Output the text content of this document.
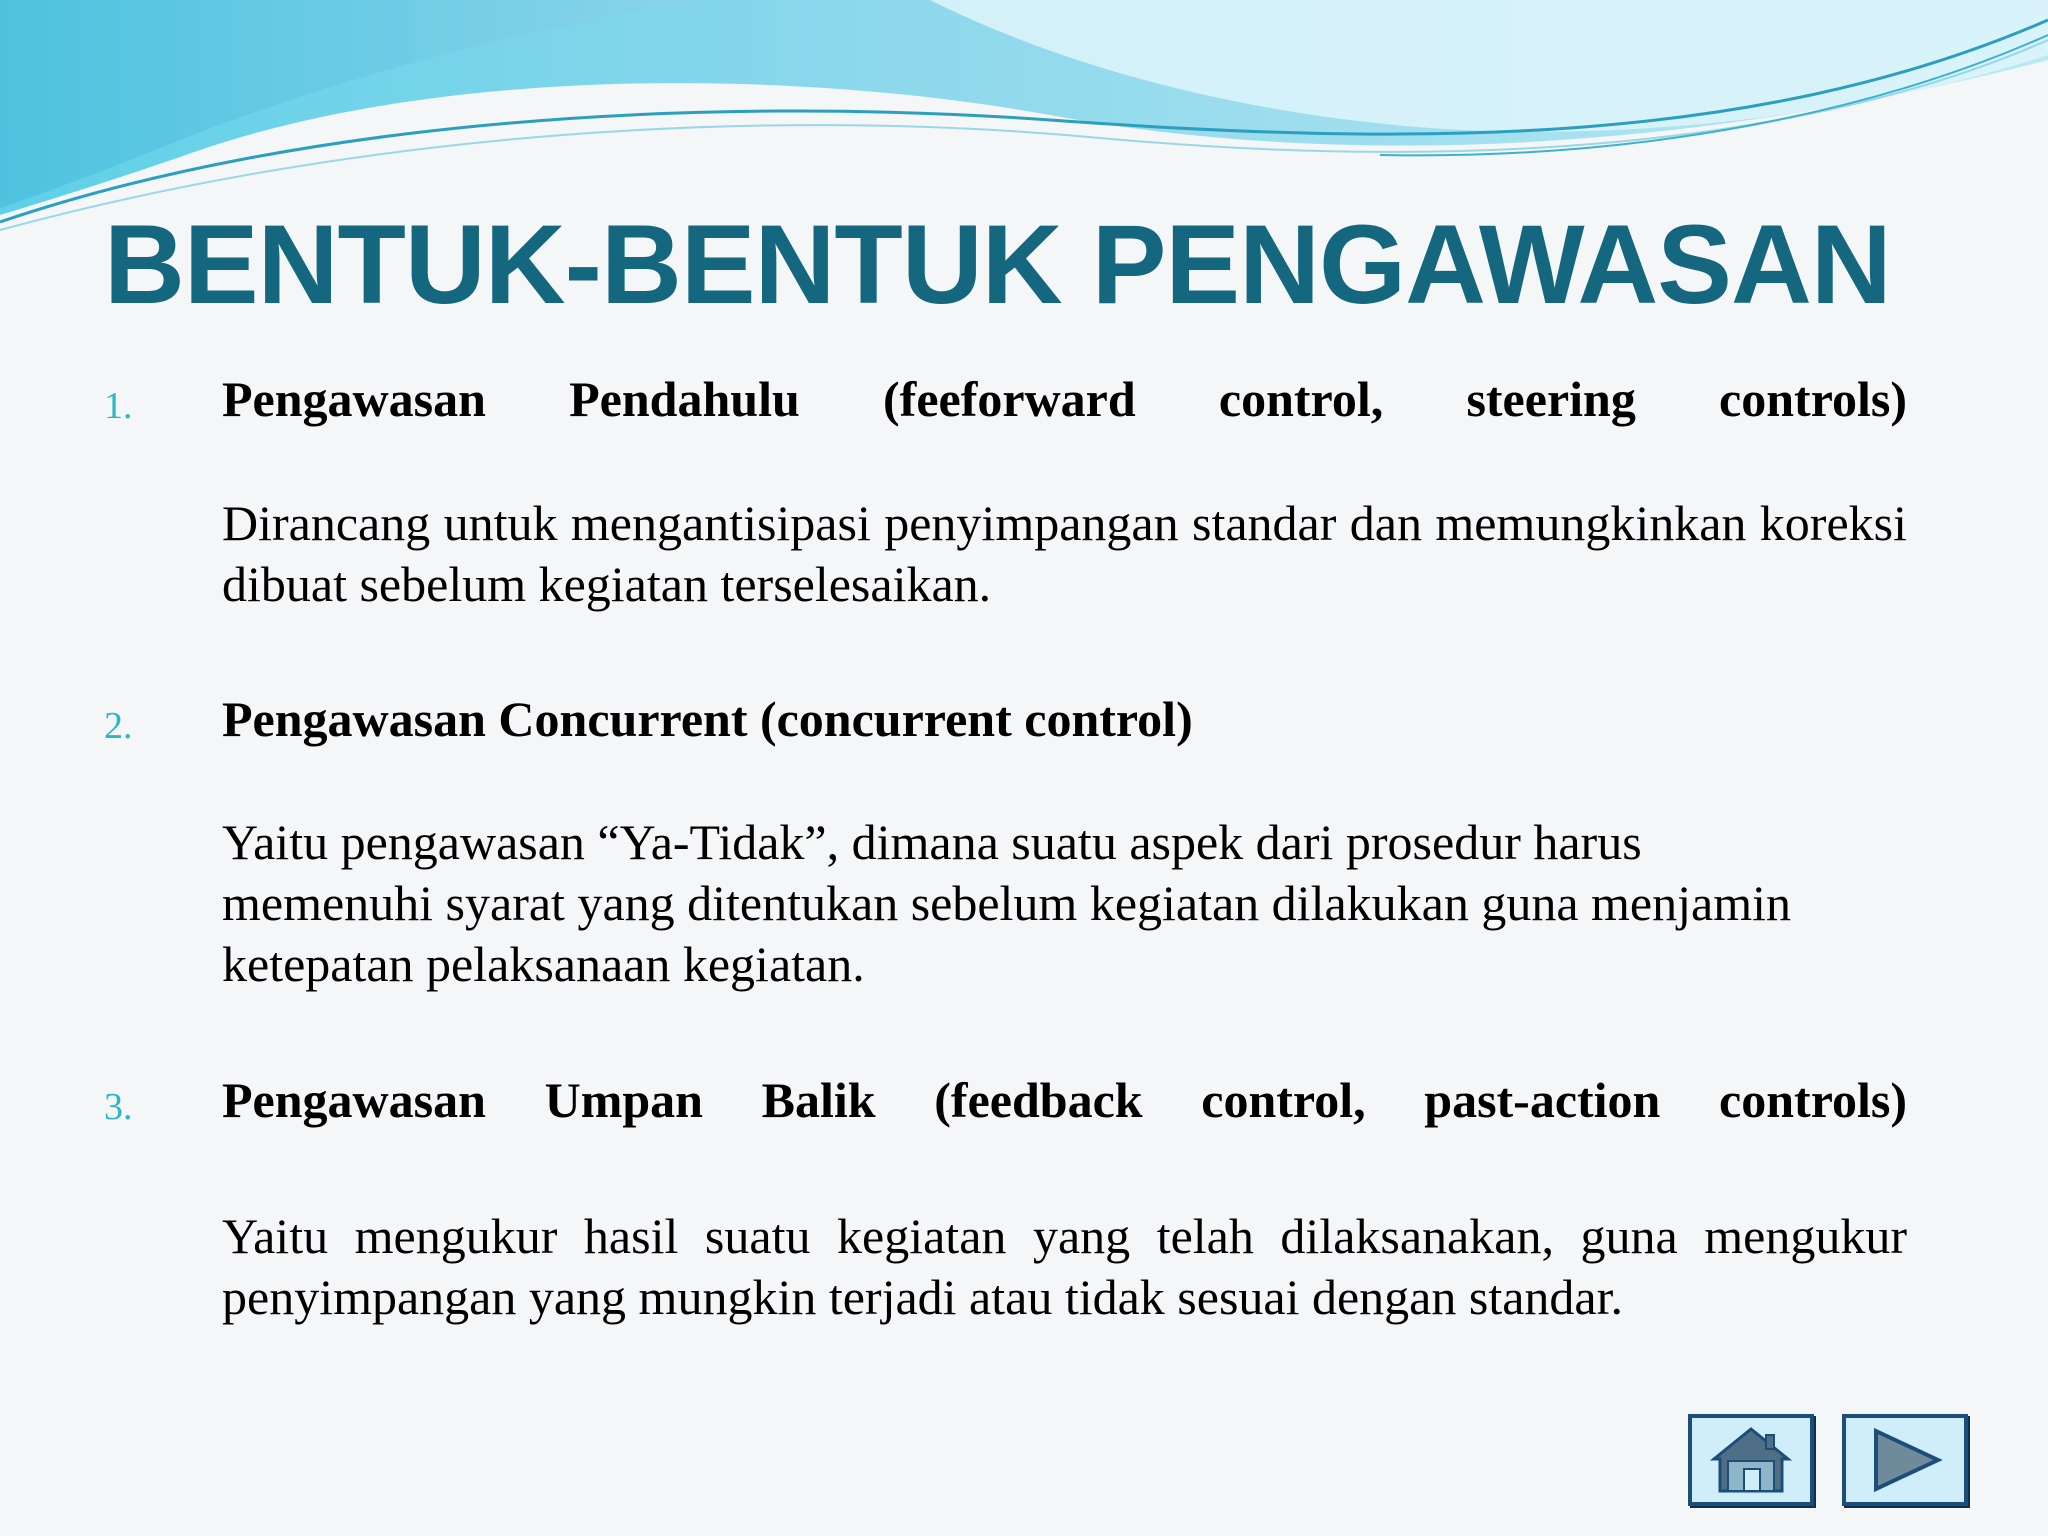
BENTUK-BENTUK PENGAWASAN
1. Pengawasan Pendahulu (feeforward control, steering controls)
Dirancang untuk mengantisipasi penyimpangan standar dan memungkinkan koreksi dibuat sebelum kegiatan terselesaikan.
2. Pengawasan Concurrent (concurrent control)
Yaitu pengawasan “Ya-Tidak”, dimana suatu aspek dari prosedur harus memenuhi syarat yang ditentukan sebelum kegiatan dilakukan guna menjamin ketepatan pelaksanaan kegiatan.
3. Pengawasan Umpan Balik (feedback control, past-action controls)
Yaitu mengukur hasil suatu kegiatan yang telah dilaksanakan, guna mengukur penyimpangan yang mungkin terjadi atau tidak sesuai dengan standar.
